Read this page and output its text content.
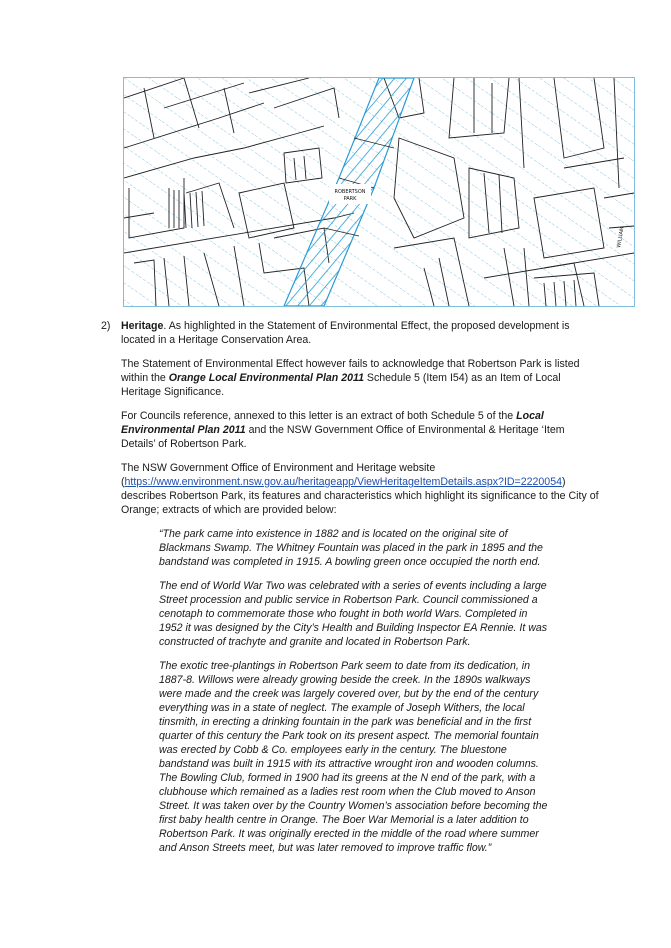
ROBERTSON
PARK
WILLIAM
2) Heritage. As highlighted in the Statement of Environmental Effect, the proposed development is located in a Heritage Conservation Area.

The Statement of Environmental Effect however fails to acknowledge that Robertson Park is listed within the Orange Local Environmental Plan 2011 Schedule 5 (Item I54) as an Item of Local Heritage Significance.

For Councils reference, annexed to this letter is an extract of both Schedule 5 of the Local Environmental Plan 2011 and the NSW Government Office of Environmental & Heritage ‘Item Details’ of Robertson Park.

The NSW Government Office of Environment and Heritage website (https://www.environment.nsw.gov.au/heritageapp/ViewHeritageItemDetails.aspx?ID=2220054) describes Robertson Park, its features and characteristics which highlight its significance to the City of Orange; extracts of which are provided below:

“The park came into existence in 1882 and is located on the original site of Blackmans Swamp. The Whitney Fountain was placed in the park in 1895 and the bandstand was completed in 1915. A bowling green once occupied the north end.

The end of World War Two was celebrated with a series of events including a large Street procession and public service in Robertson Park. Council commissioned a cenotaph to commemorate those who fought in both world Wars. Completed in 1952 it was designed by the City’s Health and Building Inspector EA Rennie. It was constructed of trachyte and granite and located in Robertson Park.

The exotic tree-plantings in Robertson Park seem to date from its dedication, in 1887-8. Willows were already growing beside the creek. In the 1890s walkways were made and the creek was largely covered over, but by the end of the century everything was in a state of neglect. The example of Joseph Withers, the local tinsmith, in erecting a drinking fountain in the park was beneficial and in the first quarter of this century the Park took on its present aspect. The memorial fountain was erected by Cobb & Co. employees early in the century. The bluestone bandstand was built in 1915 with its attractive wrought iron and wooden columns. The Bowling Club, formed in 1900 had its greens at the N end of the park, with a clubhouse which remained as a ladies rest room when the Club moved to Anson Street. It was taken over by the Country Women’s association before becoming the first baby health centre in Orange. The Boer War Memorial is a later addition to Robertson Park. It was originally erected in the middle of the road where summer and Anson Streets meet, but was later removed to improve traffic flow.”
